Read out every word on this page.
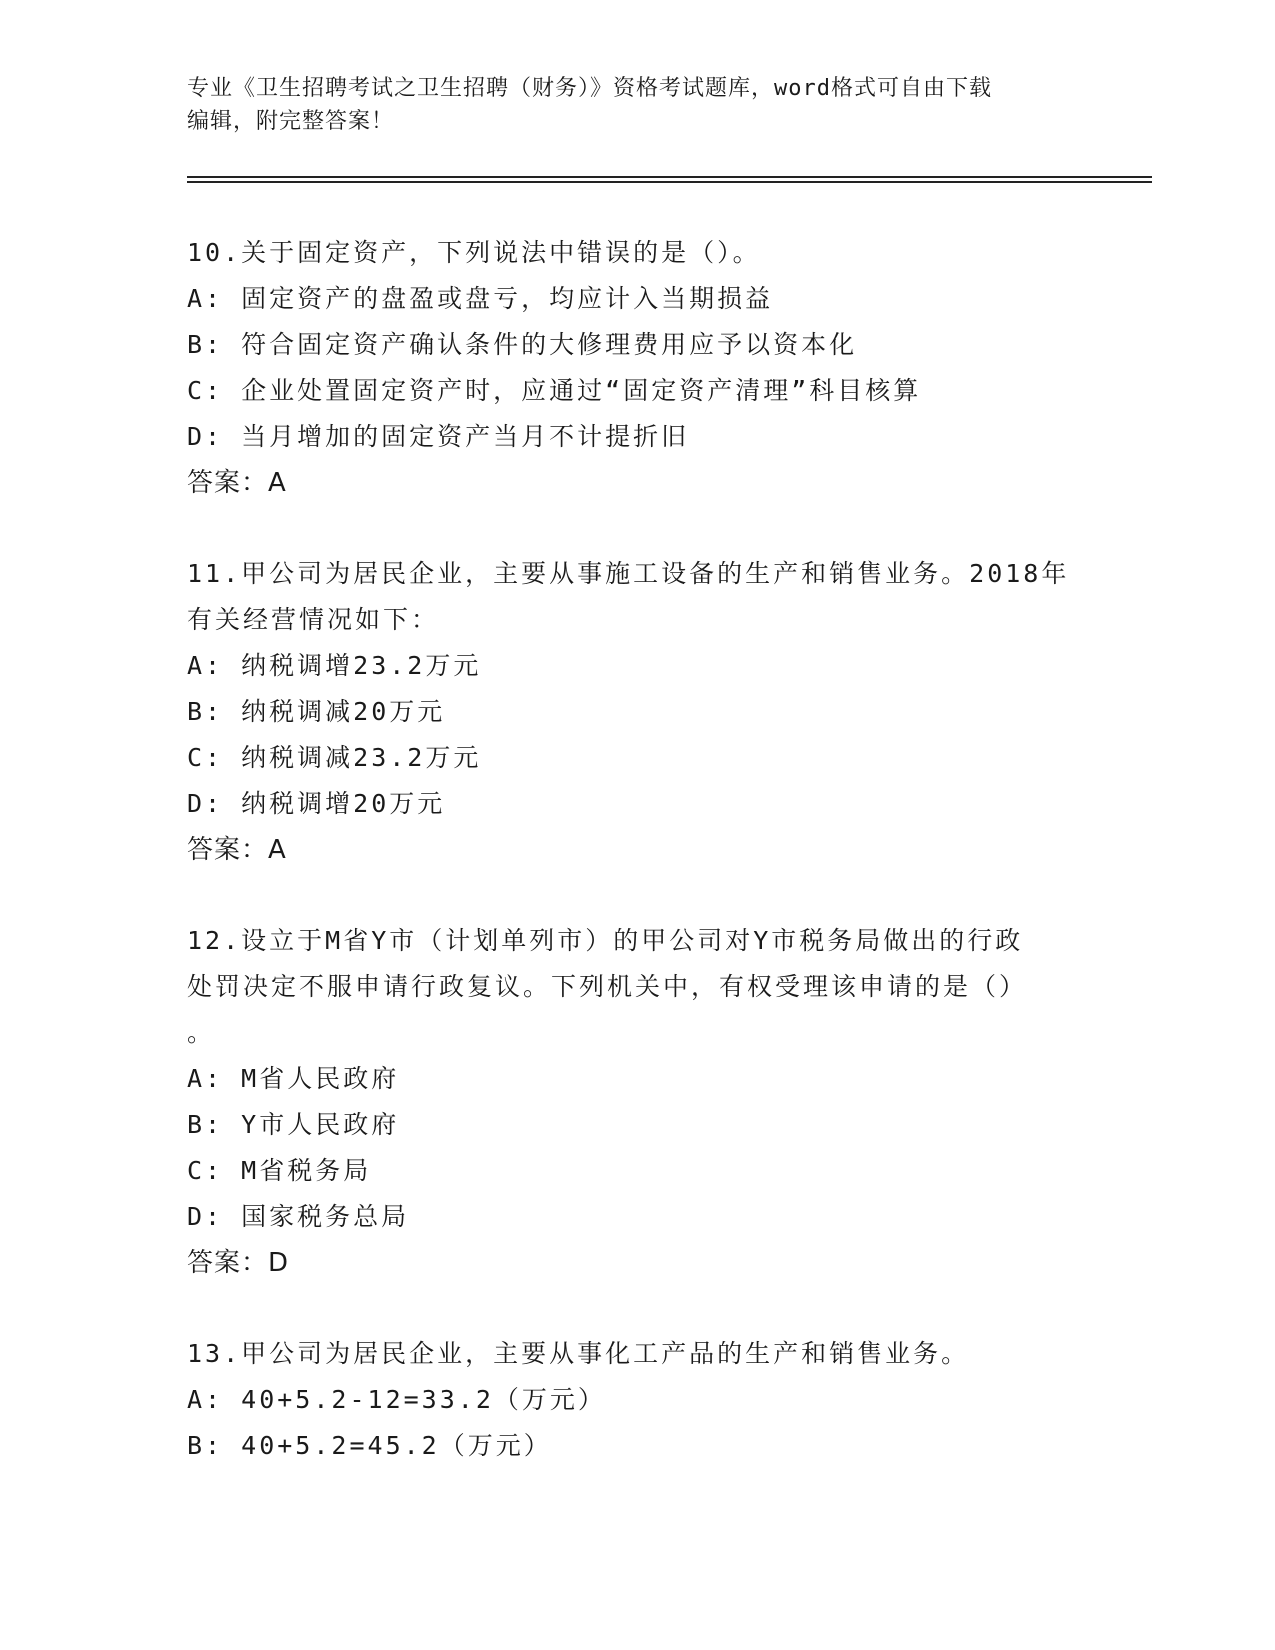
专业《卫生招聘考试之卫生招聘（财务）》资格考试题库，word格式可自由下载
编辑，附完整答案！
10.关于固定资产，下列说法中错误的是（）。
A: 固定资产的盘盈或盘亏，均应计入当期损益
B: 符合固定资产确认条件的大修理费用应予以资本化
C: 企业处置固定资产时，应通过“固定资产清理”科目核算
D: 当月增加的固定资产当月不计提折旧
答案：A
11.甲公司为居民企业，主要从事施工设备的生产和销售业务。2018年
有关经营情况如下：
A: 纳税调增23.2万元
B: 纳税调减20万元
C: 纳税调减23.2万元
D: 纳税调增20万元
答案：A
12.设立于M省Y市（计划单列市）的甲公司对Y市税务局做出的行政
处罚决定不服申请行政复议。下列机关中，有权受理该申请的是（）
。
A: M省人民政府
B: Y市人民政府
C: M省税务局
D: 国家税务总局
答案：D
13.甲公司为居民企业，主要从事化工产品的生产和销售业务。
A: 40+5.2-12=33.2（万元）
B: 40+5.2=45.2（万元）
